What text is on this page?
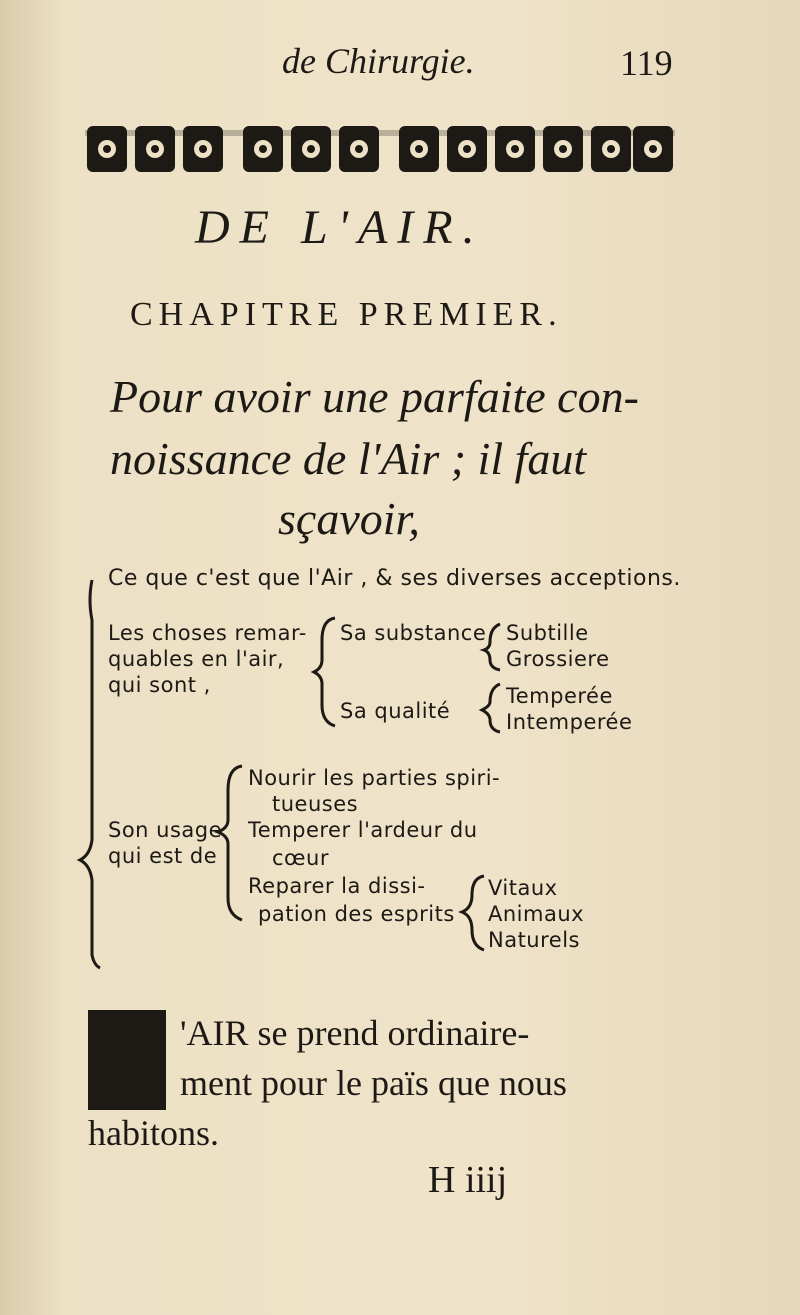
de Chirurgie.	119
DE L'AIR.
CHAPITRE PREMIER.
Pour avoir une parfaite con-
noissance de l'Air ; il faut
sçavoir,
Ce que c'est que l'Air , & ses diverses acceptions.
Les choses remar-
quables en l'air,
qui sont ,
Sa substance Subtille
Grossiere
Sa qualité
Temperée
Intemperée
Son usage
qui est de
Nourir les parties spiri-
tueuses
Temperer l'ardeur du
cœur
Reparer la dissi-
pation des esprits
Vitaux
Animaux
Naturels
'AIR se prend ordinaire-
ment pour le païs que nous
habitons.
H iiij
